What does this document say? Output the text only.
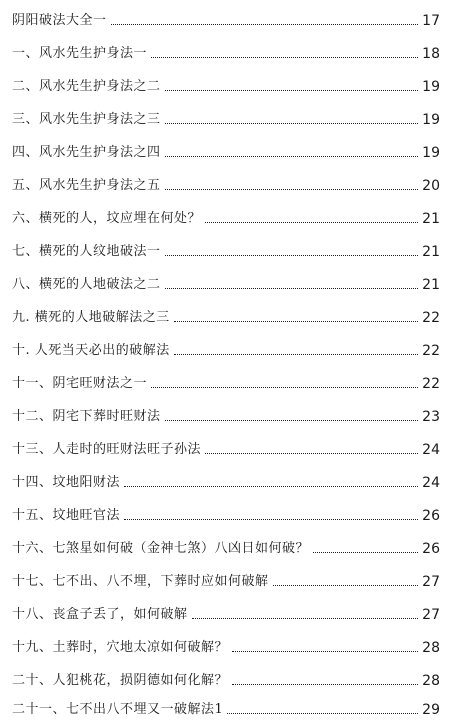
阴阳破法大全一	17
一、风水先生护身法一	18
二、风水先生护身法之二	19
三、风水先生护身法之三	19
四、风水先生护身法之四	19
五、风水先生护身法之五	20
六、横死的人，坟应埋在何处？	21
七、横死的人纹地破法一	21
八、横死的人地破法之二	21
九. 横死的人地破解法之三	22
十. 人死当天必出的破解法	22
十一、阴宅旺财法之一	22
十二、阴宅下葬时旺财法	23
十三、人走时的旺财法旺子孙法	24
十四、坟地阳财法	24
十五、坟地旺官法	26
十六、七煞星如何破（金神七煞）八凶日如何破？	26
十七、七不出、八不埋，下葬时应如何破解	27
十八、丧盒子丢了，如何破解	27
十九、土葬时，穴地太凉如何破解？	28
二十、人犯桃花，损阴德如何化解？	28
二十一、七不出八不埋又一破解法1	29
